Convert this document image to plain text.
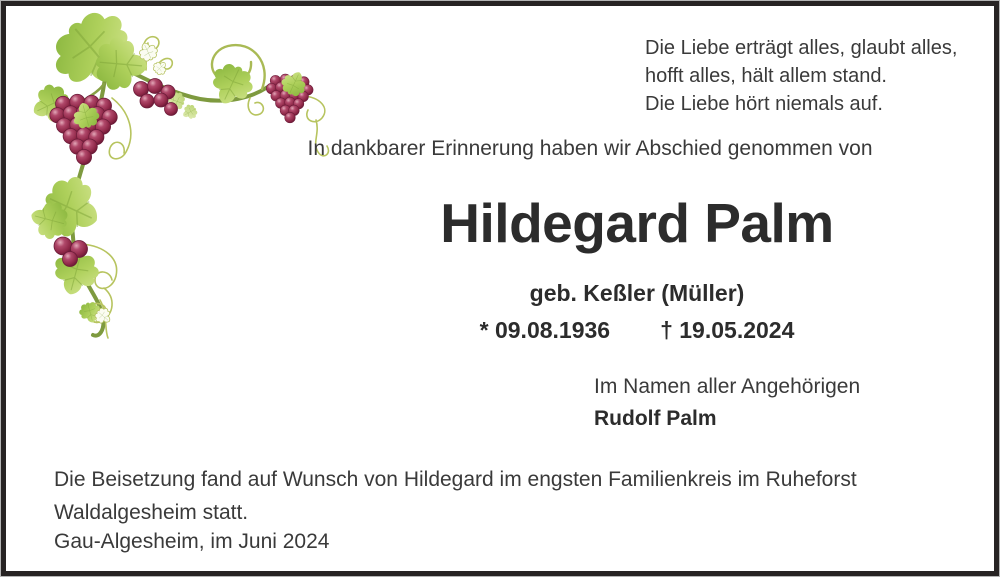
Die Liebe erträgt alles, glaubt alles,
hofft alles, hält allem stand.
Die Liebe hört niemals auf.
In dankbarer Erinnerung haben wir Abschied genommen von
Hildegard Palm
geb. Keßler (Müller)
* 09.08.1936 † 19.05.2024
Im Namen aller Angehörigen
Rudolf Palm
Die Beisetzung fand auf Wunsch von Hildegard im engsten Familienkreis im Ruheforst
Waldalgesheim statt.
Gau-Algesheim, im Juni 2024
